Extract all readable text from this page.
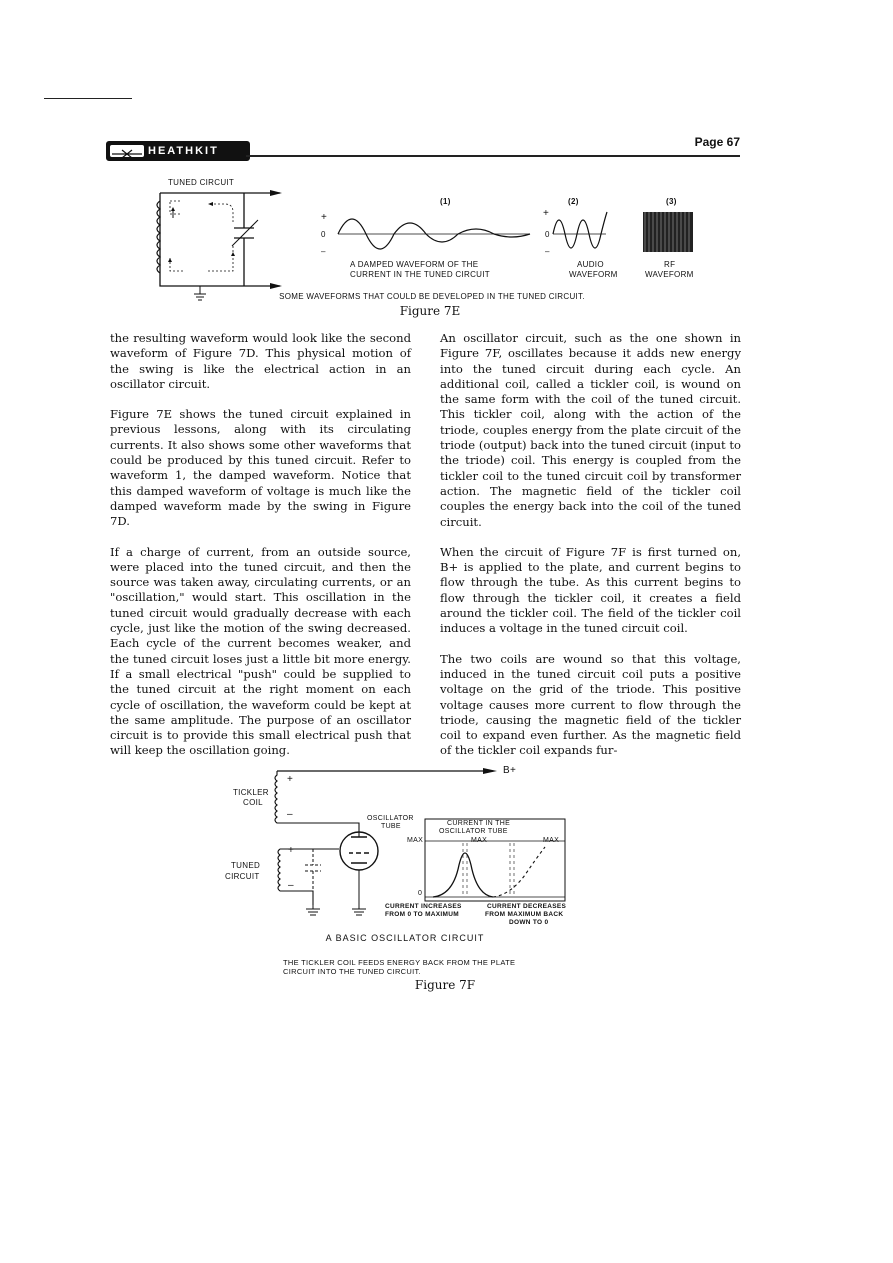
HEATHKIT
Page 67
TUNED CIRCUIT
(1)	(2)	(3)
+
0
–
+
0
–
A DAMPED WAVEFORM OF THE
CURRENT IN THE TUNED CIRCUIT
AUDIO
WAVEFORM
RF
WAVEFORM
SOME WAVEFORMS THAT COULD BE DEVELOPED IN THE TUNED CIRCUIT.
Figure 7E

the resulting waveform would look like the second waveform of Figure 7D. This physical motion of the swing is like the electrical action in an oscillator circuit.

Figure 7E shows the tuned circuit explained in previous lessons, along with its circulating currents. It also shows some other waveforms that could be produced by this tuned circuit. Refer to waveform 1, the damped waveform. Notice that this damped waveform of voltage is much like the damped waveform made by the swing in Figure 7D.

If a charge of current, from an outside source, were placed into the tuned circuit, and then the source was taken away, circulating currents, or an "oscillation," would start. This oscillation in the tuned circuit would gradually decrease with each cycle, just like the motion of the swing decreased. Each cycle of the current becomes weaker, and the tuned circuit loses just a little bit more energy. If a small electrical "push" could be supplied to the tuned circuit at the right moment on each cycle of oscillation, the waveform could be kept at the same amplitude. The purpose of an oscillator circuit is to provide this small electrical push that will keep the oscillation going.

An oscillator circuit, such as the one shown in Figure 7F, oscillates because it adds new energy into the tuned circuit during each cycle. An additional coil, called a tickler coil, is wound on the same form with the coil of the tuned circuit. This tickler coil, along with the action of the triode, couples energy from the plate circuit of the triode (output) back into the tuned circuit (input to the triode) coil. This energy is coupled from the tickler coil to the tuned circuit coil by transformer action. The magnetic field of the tickler coil couples the energy back into the coil of the tuned circuit.

When the circuit of Figure 7F is first turned on, B+ is applied to the plate, and current begins to flow through the tube. As this current begins to flow through the tickler coil, it creates a field around the tickler coil. The field of the tickler coil induces a voltage in the tuned circuit coil.

The two coils are wound so that this voltage, induced in the tuned circuit coil puts a positive voltage on the grid of the triode. This positive voltage causes more current to flow through the triode, causing the magnetic field of the tickler coil to expand even further. As the magnetic field of the tickler coil expands fur-

B+
+
–
TICKLER
COIL
+
–
TUNED
CIRCUIT
OSCILLATOR
TUBE	CURRENT IN THE
OSCILLATOR TUBE
MAX	MAX	MAX
0
CURRENT INCREASES
FROM 0 TO MAXIMUM
CURRENT DECREASES
FROM MAXIMUM BACK
DOWN TO 0
A BASIC OSCILLATOR CIRCUIT
THE TICKLER COIL FEEDS ENERGY BACK FROM THE PLATE
CIRCUIT INTO THE TUNED CIRCUIT.
Figure 7F
